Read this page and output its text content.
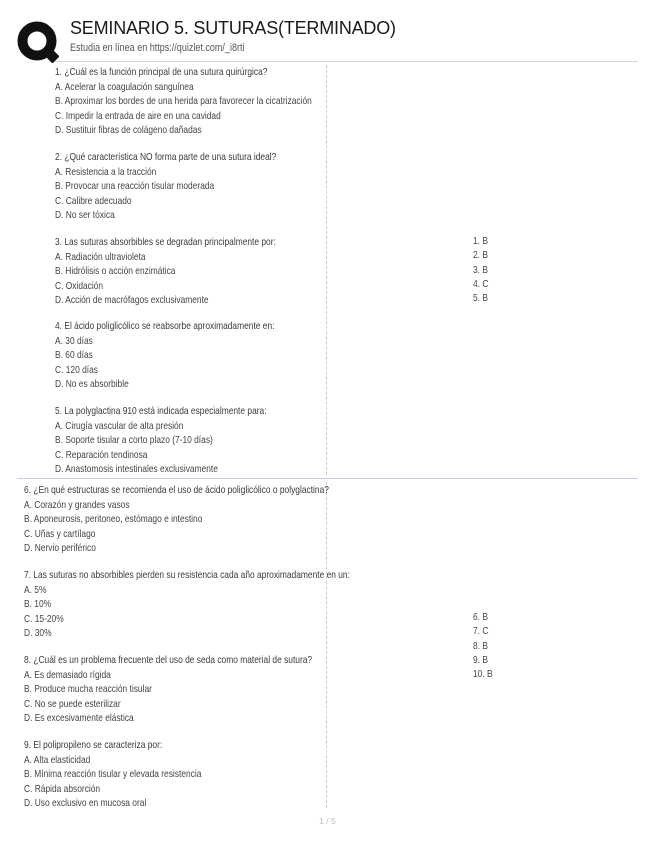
SEMINARIO 5. SUTURAS(TERMINADO)
Estudia en línea en https://quizlet.com/_i8rti

1. ¿Cuál es la función principal de una sutura quirúrgica?

A. Acelerar la coagulación sanguínea

B. Aproximar los bordes de una herida para favorecer la cicatrización

C. Impedir la entrada de aire en una cavidad

D. Sustituir fibras de colágeno dañadas

2. ¿Qué característica NO forma parte de una sutura ideal?

A. Resistencia a la tracción

B. Provocar una reacción tisular moderada

C. Calibre adecuado

D. No ser tóxica

3. Las suturas absorbibles se degradan principalmente por:

A. Radiación ultravioleta

B. Hidrólisis o acción enzimática

C. Oxidación

D. Acción de macrófagos exclusivamente

4. El ácido poliglicólico se reabsorbe aproximadamente en:

A. 30 días

B. 60 días

C. 120 días

D. No es absorbible

5. La polyglactina 910 está indicada especialmente para:

A. Cirugía vascular de alta presión

B. Soporte tisular a corto plazo (7-10 días)

C. Reparación tendinosa

D. Anastomosis intestinales exclusivamente

1. B

2. B

3. B

4. C

5. B

6. ¿En qué estructuras se recomienda el uso de ácido poliglicólico o polyglactina?

A. Corazón y grandes vasos

B. Aponeurosis, peritoneo, estómago e intestino

C. Uñas y cartílago

D. Nervio periférico

7. Las suturas no absorbibles pierden su resistencia cada año aproximadamente en un:

A. 5%

B. 10%

C. 15-20%

D. 30%

8. ¿Cuál es un problema frecuente del uso de seda como material de sutura?

A. Es demasiado rígida

B. Produce mucha reacción tisular

C. No se puede esterilizar

D. Es excesivamente elástica

9. El polipropileno se caracteriza por:

A. Alta elasticidad

B. Mínima reacción tisular y elevada resistencia

C. Rápida absorción

D. Uso exclusivo en mucosa oral

6. B

7. C

8. B

9. B

10. B

1 / 5
